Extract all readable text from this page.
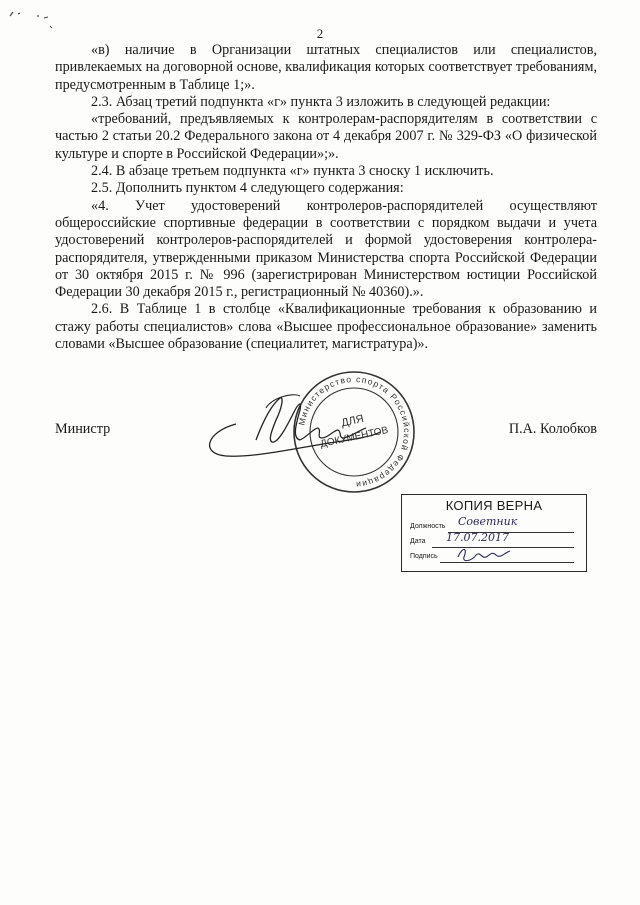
2

«в) наличие в Организации штатных специалистов или специалистов, привлекаемых на договорной основе, квалификация которых соответствует требованиям, предусмотренным в Таблице 1;».

2.3. Абзац третий подпункта «г» пункта 3 изложить в следующей редакции:

«требований, предъявляемых к контролерам-распорядителям в соответствии с частью 2 статьи 20.2 Федерального закона от 4 декабря 2007 г. № 329-ФЗ «О физической культуре и спорте в Российской Федерации»;».

2.4. В абзаце третьем подпункта «г» пункта 3 сноску 1 исключить.

2.5. Дополнить пунктом 4 следующего содержания:

«4. Учет удостоверений контролеров-распорядителей осуществляют общероссийские спортивные федерации в соответствии с порядком выдачи и учета удостоверений контролеров-распорядителей и формой удостоверения контролера-распорядителя, утвержденными приказом Министерства спорта Российской Федерации от 30 октября 2015 г. № 996 (зарегистрирован Министерством юстиции Российской Федерации 30 декабря 2015 г., регистрационный № 40360).».

2.6. В Таблице 1 в столбце «Квалификационные требования к образованию и стажу работы специалистов» слова «Высшее профессиональное образование» заменить словами «Высшее образование (специалитет, магистратура)».

Министр	П.А. Колобков
Министерство спорта Российской Федерации
ДЛЯ
ДОКУМЕНТОВ
КОПИЯ ВЕРНА
Должность Советник
Дата 17.07.2017
Подпись
